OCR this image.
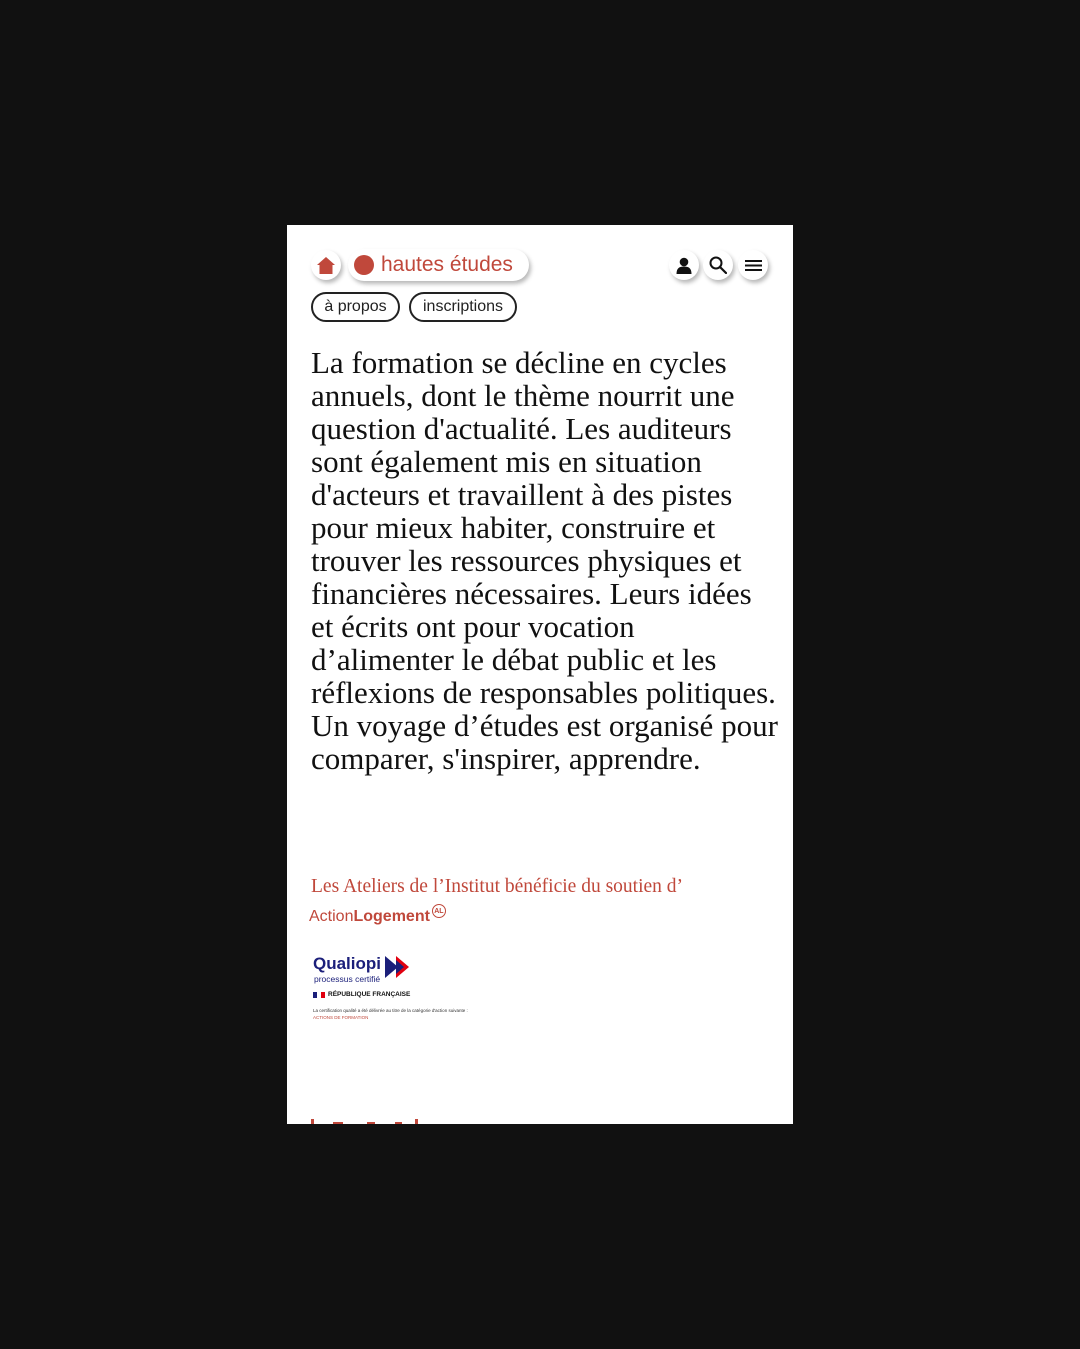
hautes études
à propos	inscriptions

La formation se décline en cycles annuels, dont le thème nourrit une question d'actualité. Les auditeurs sont également mis en situation d'acteurs et travaillent à des pistes pour mieux habiter, construire et trouver les ressources physiques et financières nécessaires. Leurs idées et écrits ont pour vocation d’alimenter le débat public et les réflexions de responsables politiques. Un voyage d’études est organisé pour comparer, s'inspirer, apprendre.

Les Ateliers de l’Institut bénéficie du soutien d’

Action Logement AL
Qualiopi
processus certifié
RÉPUBLIQUE FRANÇAISE
La certification qualité a été délivrée au titre de la catégorie d'action suivante :
ACTIONS DE FORMATION
